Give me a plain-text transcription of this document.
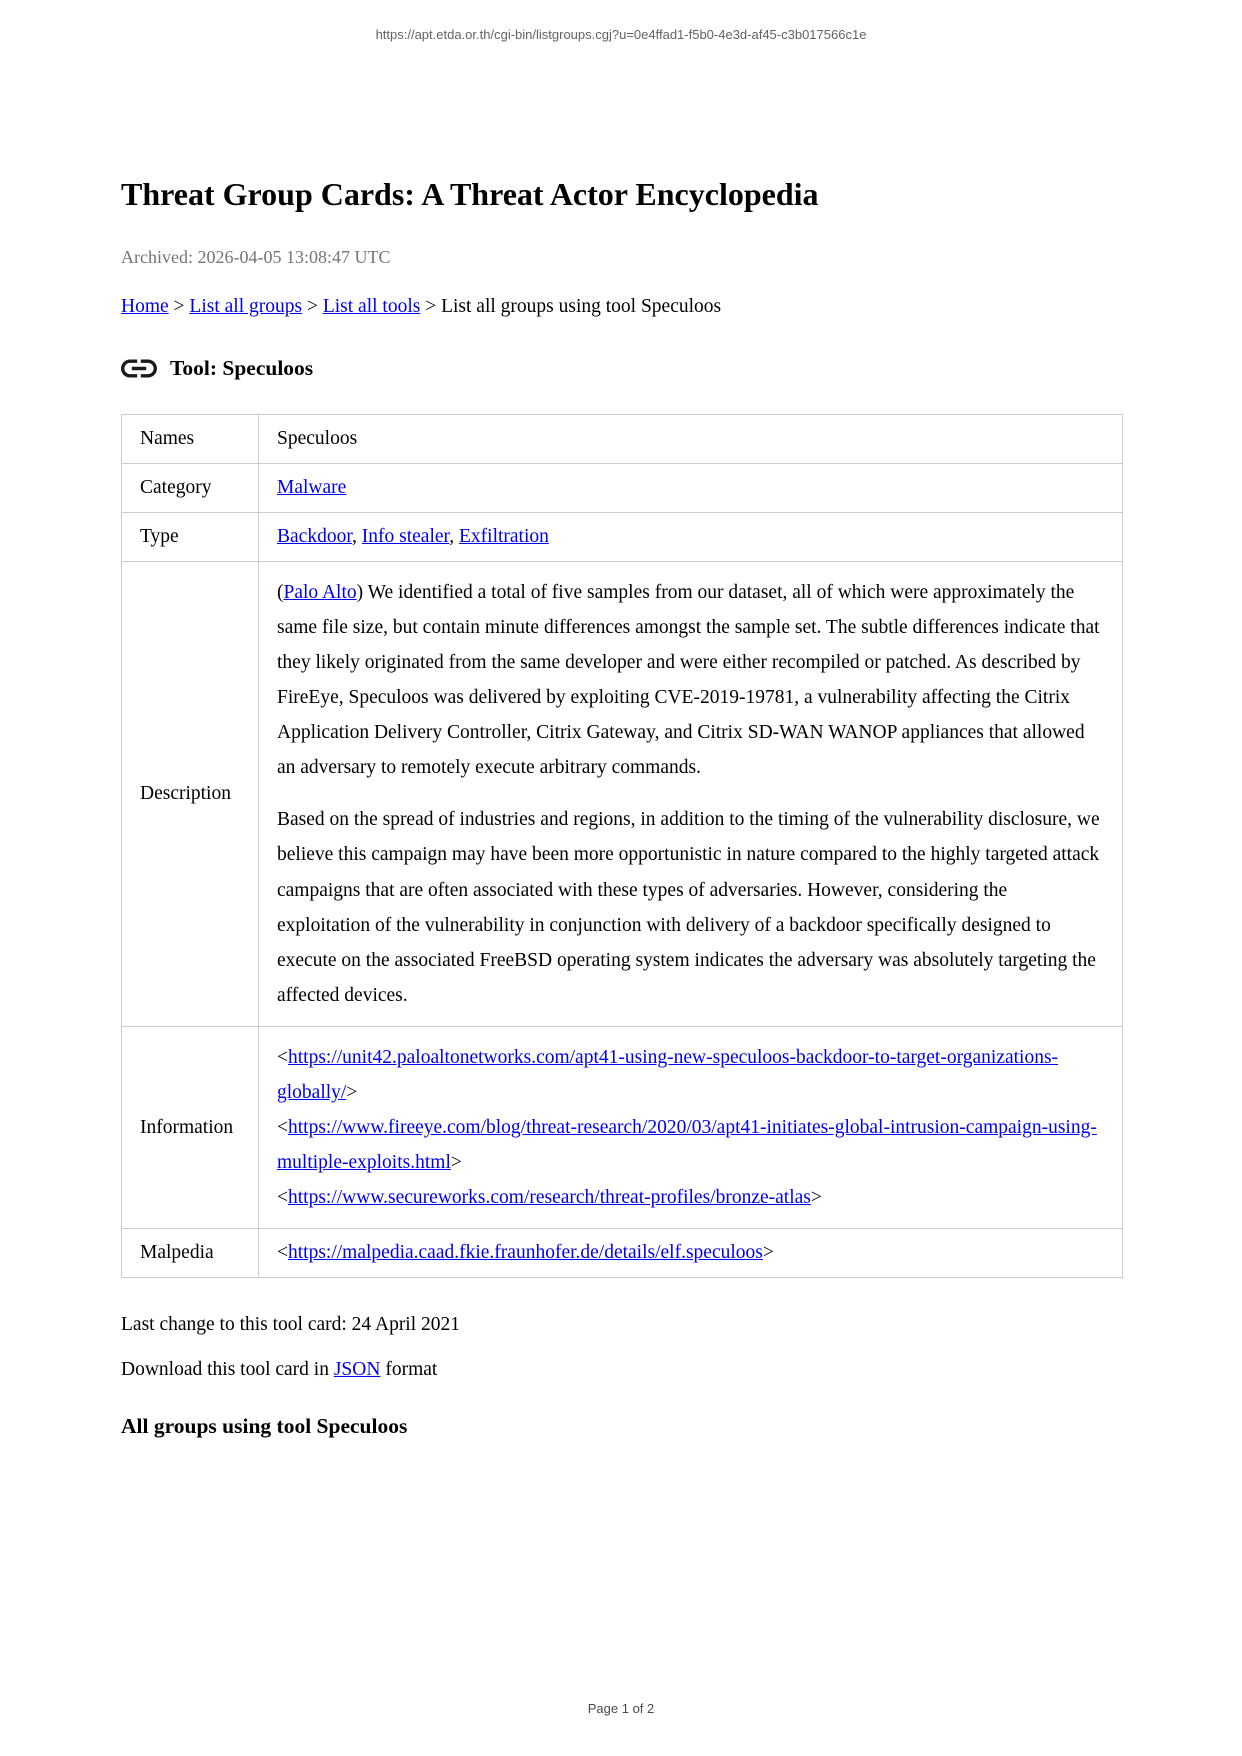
https://apt.etda.or.th/cgi-bin/listgroups.cgj?u=0e4ffad1-f5b0-4e3d-af45-c3b017566c1e
Threat Group Cards: A Threat Actor Encyclopedia
Archived: 2026-04-05 13:08:47 UTC
Home > List all groups > List all tools > List all groups using tool Speculoos
Tool: Speculoos
Names	Speculoos
Category	Malware
Type	Backdoor, Info stealer, Exfiltration
Description	(Palo Alto) We identified a total of five samples from our dataset, all of which were approximately the same file size, but contain minute differences amongst the sample set. The subtle differences indicate that they likely originated from the same developer and were either recompiled or patched. As described by FireEye, Speculoos was delivered by exploiting CVE-2019-19781, a vulnerability affecting the Citrix Application Delivery Controller, Citrix Gateway, and Citrix SD-WAN WANOP appliances that allowed an adversary to remotely execute arbitrary commands.

Based on the spread of industries and regions, in addition to the timing of the vulnerability disclosure, we believe this campaign may have been more opportunistic in nature compared to the highly targeted attack campaigns that are often associated with these types of adversaries. However, considering the exploitation of the vulnerability in conjunction with delivery of a backdoor specifically designed to execute on the associated FreeBSD operating system indicates the adversary was absolutely targeting the affected devices.

Information	<https://unit42.paloaltonetworks.com/apt41-using-new-speculoos-backdoor-to-target-organizations-globally/>
<https://www.fireeye.com/blog/threat-research/2020/03/apt41-initiates-global-intrusion-campaign-using-multiple-exploits.html>
<https://www.secureworks.com/research/threat-profiles/bronze-atlas>

Malpedia	<https://malpedia.caad.fkie.fraunhofer.de/details/elf.speculoos>
Last change to this tool card: 24 April 2021
Download this tool card in JSON format
All groups using tool Speculoos
Page 1 of 2
